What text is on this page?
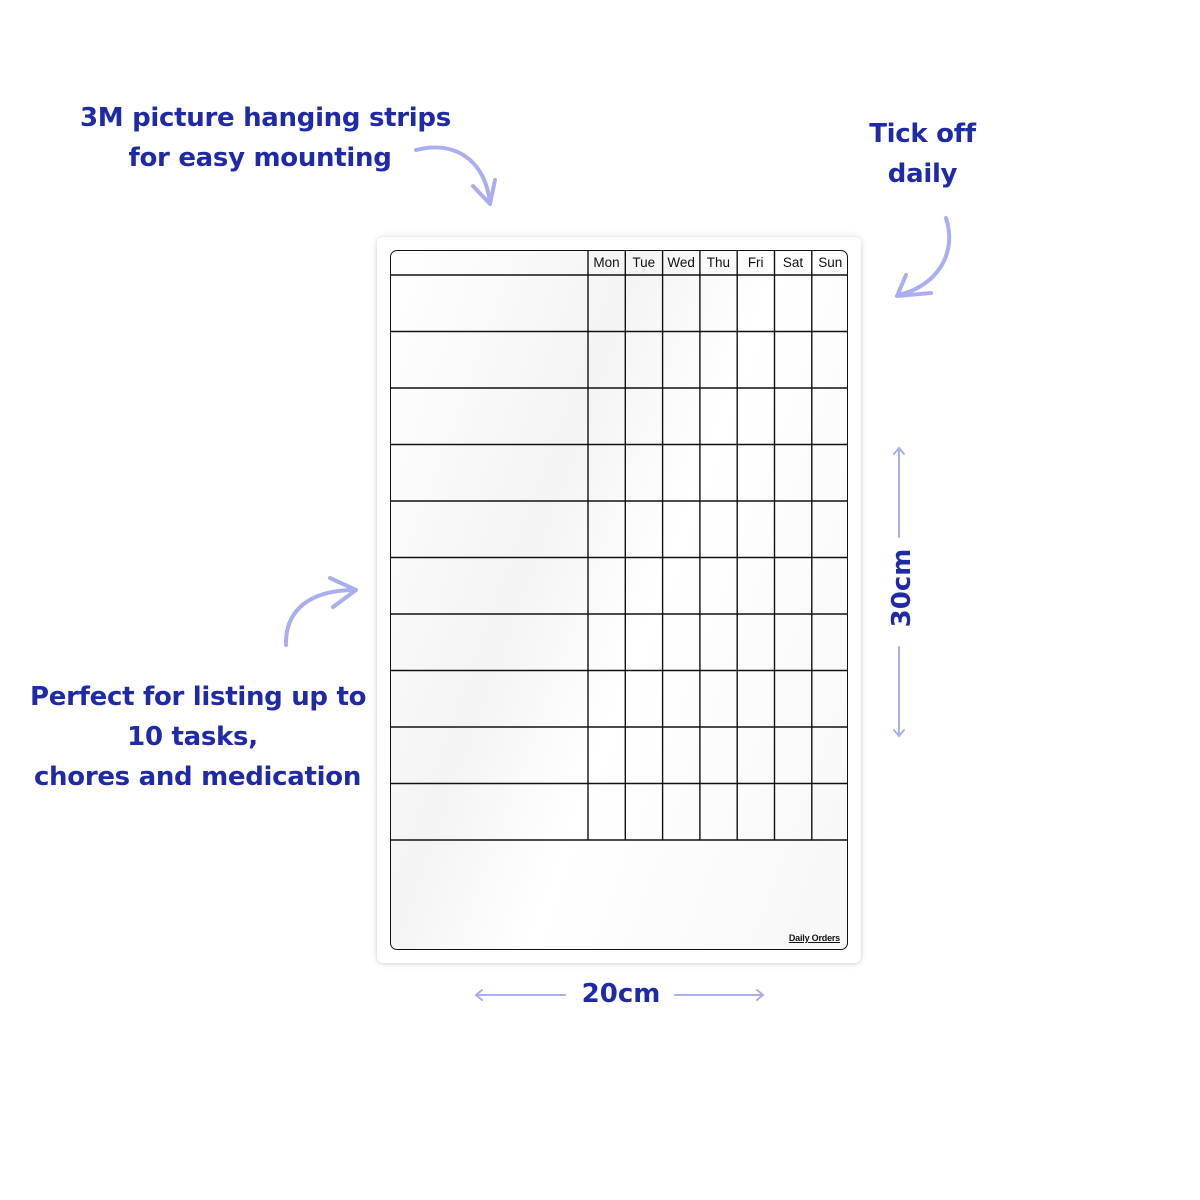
3M picture hanging strips
for easy mounting
Tick off
daily
Perfect for listing up to
10 tasks,
chores and medication
Mon Tue Wed Thu	Fri	Sat	Sun
Daily Orders
20cm
30cm
